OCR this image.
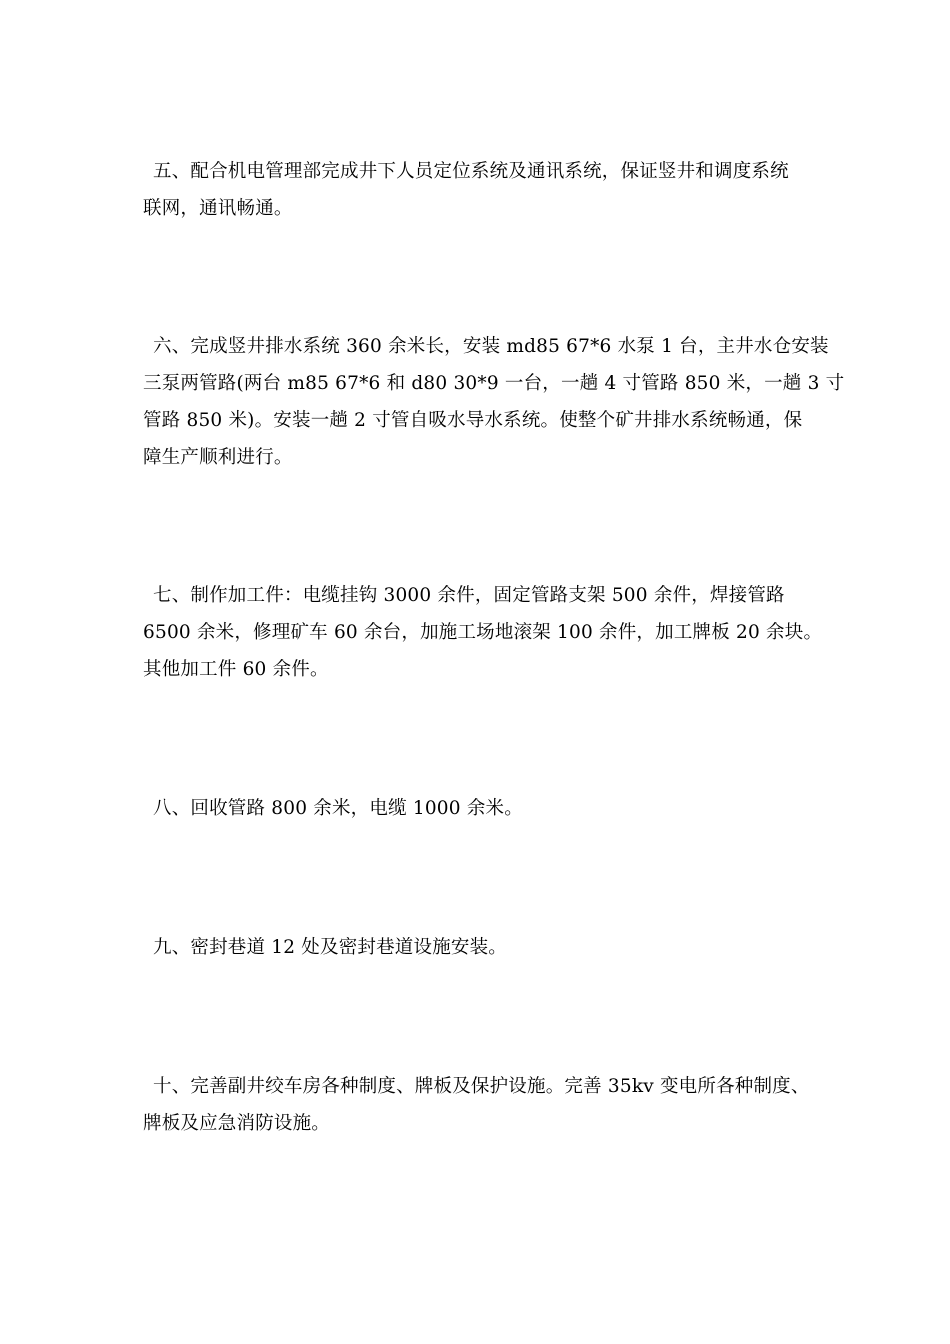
五、配合机电管理部完成井下人员定位系统及通讯系统，保证竖井和调度系统
联网，通讯畅通。
六、完成竖井排水系统 360 余米长，安装 md85 67*6 水泵 1 台，主井水仓安装
三泵两管路(两台 m85 67*6 和 d80 30*9 一台，一趟 4 寸管路 850 米，一趟 3 寸
管路 850 米)。安装一趟 2 寸管自吸水导水系统。使整个矿井排水系统畅通，保
障生产顺利进行。
七、制作加工件：电缆挂钩 3000 余件，固定管路支架 500 余件，焊接管路
6500 余米，修理矿车 60 余台，加施工场地滚架 100 余件，加工牌板 20 余块。
其他加工件 60 余件。
八、回收管路 800 余米，电缆 1000 余米。
九、密封巷道 12 处及密封巷道设施安装。
十、完善副井绞车房各种制度、牌板及保护设施。完善 35kv 变电所各种制度、
牌板及应急消防设施。
